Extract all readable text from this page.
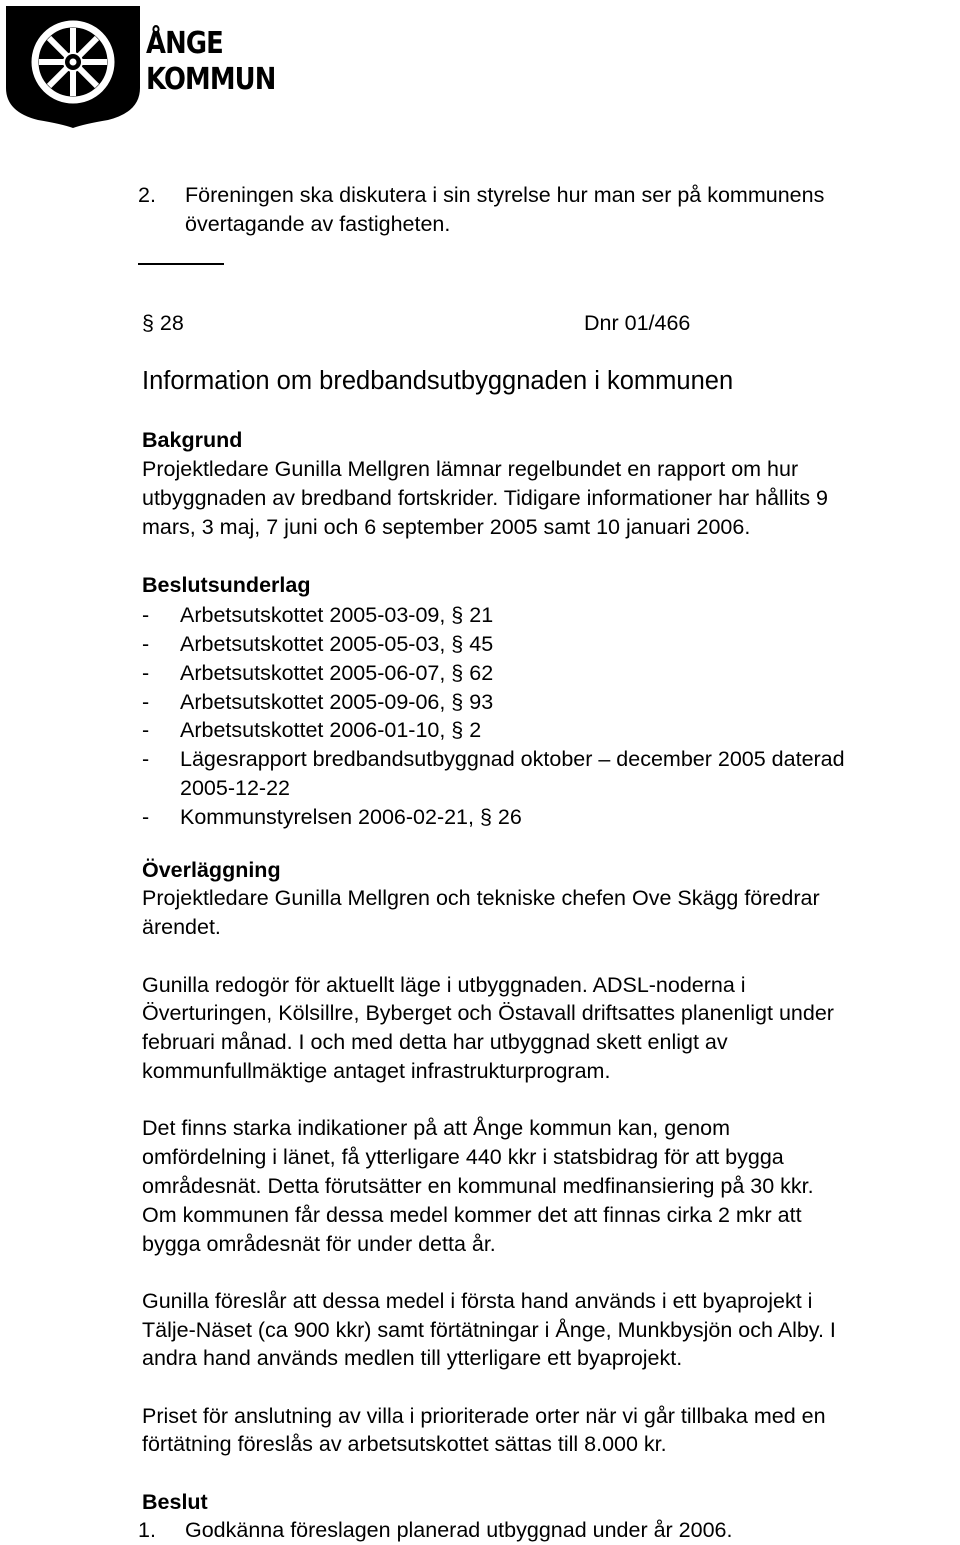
ÅNGE
KOMMUN
2. Föreningen ska diskutera i sin styrelse hur man ser på kommunens
övertagande av fastigheten.
§ 28	Dnr 01/466
Information om bredbandsutbyggnaden i kommunen
Bakgrund
Projektledare Gunilla Mellgren lämnar regelbundet en rapport om hur
utbyggnaden av bredband fortskrider. Tidigare informationer har hållits 9
mars, 3 maj, 7 juni och 6 september 2005 samt 10 januari 2006.
Beslutsunderlag
- Arbetsutskottet 2005-03-09, § 21
- Arbetsutskottet 2005-05-03, § 45
- Arbetsutskottet 2005-06-07, § 62
- Arbetsutskottet 2005-09-06, § 93
- Arbetsutskottet 2006-01-10, § 2
- Lägesrapport bredbandsutbyggnad oktober – december 2005 daterad
2005-12-22
- Kommunstyrelsen 2006-02-21, § 26
Överläggning
Projektledare Gunilla Mellgren och tekniske chefen Ove Skägg föredrar
ärendet.
Gunilla redogör för aktuellt läge i utbyggnaden. ADSL-noderna i
Överturingen, Kölsillre, Byberget och Östavall driftsattes planenligt under
februari månad. I och med detta har utbyggnad skett enligt av
kommunfullmäktige antaget infrastrukturprogram.
Det finns starka indikationer på att Ånge kommun kan, genom
omfördelning i länet, få ytterligare 440 kkr i statsbidrag för att bygga
områdesnät. Detta förutsätter en kommunal medfinansiering på 30 kkr.
Om kommunen får dessa medel kommer det att finnas cirka 2 mkr att
bygga områdesnät för under detta år.
Gunilla föreslår att dessa medel i första hand används i ett byaprojekt i
Tälje-Näset (ca 900 kkr) samt förtätningar i Ånge, Munkbysjön och Alby. I
andra hand används medlen till ytterligare ett byaprojekt.
Priset för anslutning av villa i prioriterade orter när vi går tillbaka med en
förtätning föreslås av arbetsutskottet sättas till 8.000 kr.
Beslut
1. Godkänna föreslagen planerad utbyggnad under år 2006.
